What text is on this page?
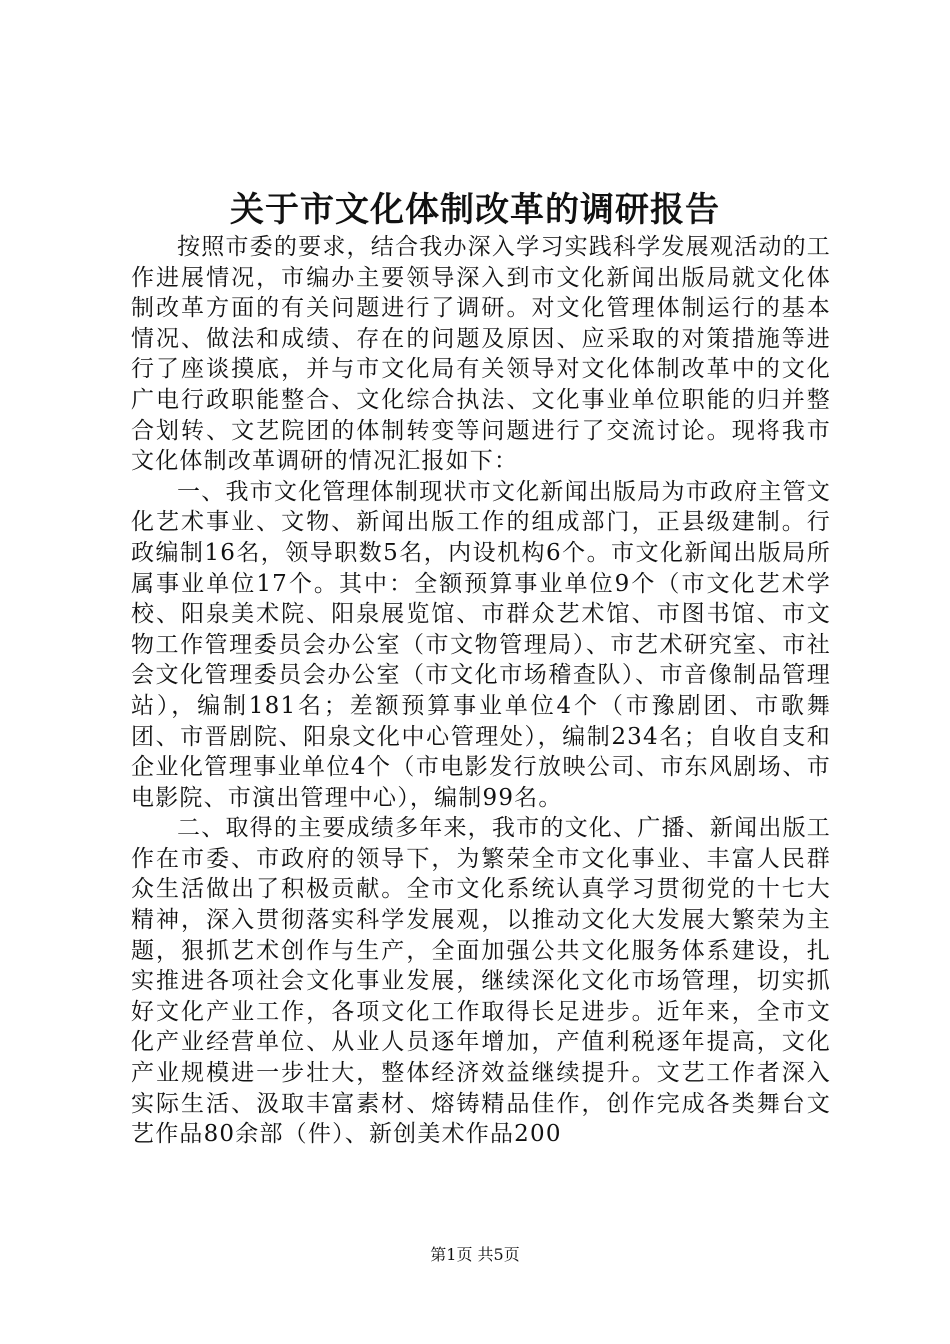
关于市文化体制改革的调研报告

按照市委的要求，结合我办深入学习实践科学发展观活动的工作进展情况，市编办主要领导深入到市文化新闻出版局就文化体制改革方面的有关问题进行了调研。对文化管理体制运行的基本情况、做法和成绩、存在的问题及原因、应采取的对策措施等进行了座谈摸底，并与市文化局有关领导对文化体制改革中的文化广电行政职能整合、文化综合执法、文化事业单位职能的归并整合划转、文艺院团的体制转变等问题进行了交流讨论。现将我市文化体制改革调研的情况汇报如下：

一、我市文化管理体制现状市文化新闻出版局为市政府主管文化艺术事业、文物、新闻出版工作的组成部门，正县级建制。行政编制16名，领导职数5名，内设机构6个。市文化新闻出版局所属事业单位17个。其中：全额预算事业单位9个（市文化艺术学校、阳泉美术院、阳泉展览馆、市群众艺术馆、市图书馆、市文物工作管理委员会办公室（市文物管理局）、市艺术研究室、市社会文化管理委员会办公室（市文化市场稽查队）、市音像制品管理站），编制181名；差额预算事业单位4个（市豫剧团、市歌舞团、市晋剧院、阳泉文化中心管理处），编制234名；自收自支和企业化管理事业单位4个（市电影发行放映公司、市东风剧场、市电影院、市演出管理中心），编制99名。

二、取得的主要成绩多年来，我市的文化、广播、新闻出版工作在市委、市政府的领导下，为繁荣全市文化事业、丰富人民群众生活做出了积极贡献。全市文化系统认真学习贯彻党的十七大精神，深入贯彻落实科学发展观，以推动文化大发展大繁荣为主题，狠抓艺术创作与生产，全面加强公共文化服务体系建设，扎实推进各项社会文化事业发展，继续深化文化市场管理，切实抓好文化产业工作，各项文化工作取得长足进步。近年来，全市文化产业经营单位、从业人员逐年增加，产值利税逐年提高，文化产业规模进一步壮大，整体经济效益继续提升。文艺工作者深入实际生活、汲取丰富素材、熔铸精品佳作，创作完成各类舞台文艺作品80余部（件）、新创美术作品200

第1页 共5页
